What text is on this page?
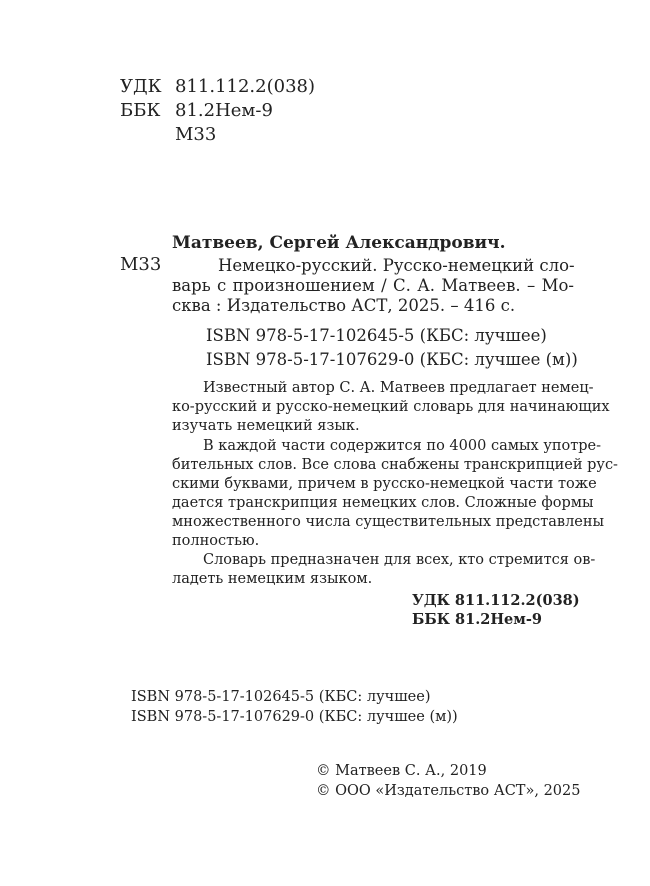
УДК 811.112.2(038)
ББК 81.2Нем-9
М33
Матвеев, Сергей Александрович.
М33	Немецко-русский. Русско-немецкий сло-
варь с произношением / С. А. Матвеев. – Мо-
сква : Издательство АСТ, 2025. – 416 с.
ISBN 978-5-17-102645-5 (КБС: лучшее)
ISBN 978-5-17-107629-0 (КБС: лучшее (м))
Известный автор С. А. Матвеев предлагает немец-
ко-русский и русско-немецкий словарь для начинающих
изучать немецкий язык.
В каждой части содержится по 4000 самых употре-
бительных слов. Все слова снабжены транскрипцией рус-
скими буквами, причем в русско-немецкой части тоже
дается транскрипция немецких слов. Сложные формы
множественного числа существительных представлены
полностью.
Словарь предназначен для всех, кто стремится ов-
ладеть немецким языком.
УДК 811.112.2(038)
ББК 81.2Нем-9
ISBN 978-5-17-102645-5 (КБС: лучшее)
ISBN 978-5-17-107629-0 (КБС: лучшее (м))
© Матвеев С. А., 2019
© ООО «Издательство АСТ», 2025
